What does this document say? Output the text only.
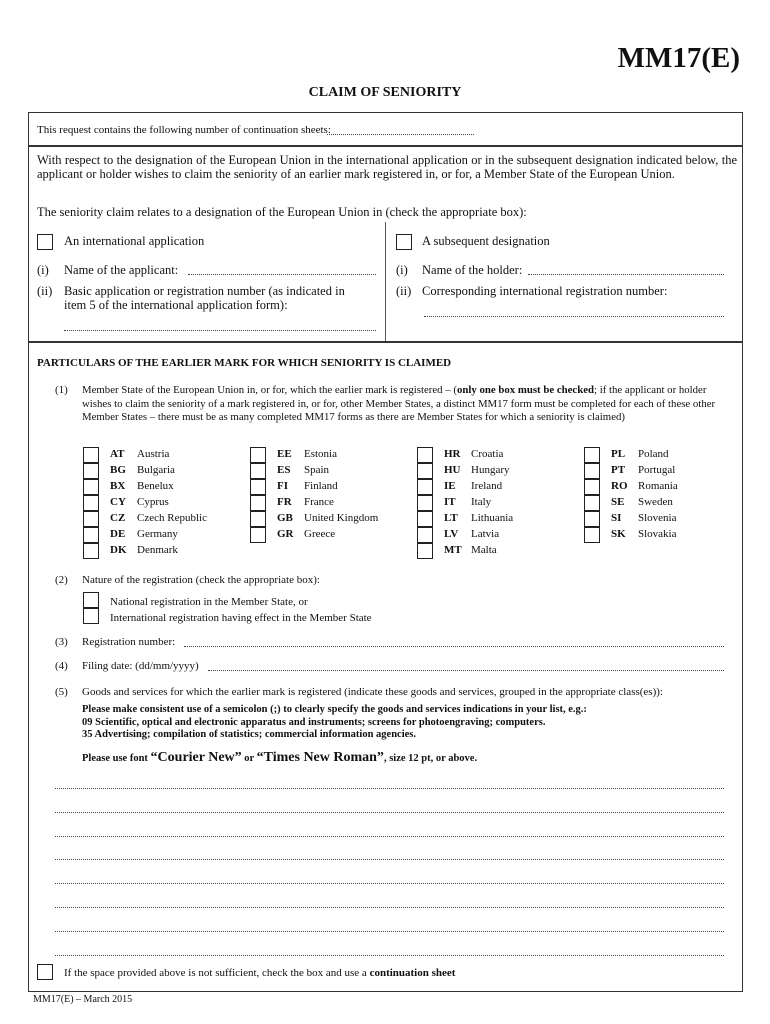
MM17(E)
CLAIM OF SENIORITY
This request contains the following number of continuation sheets:
With respect to the designation of the European Union in the international application or in the subsequent designation indicated below, the applicant or holder wishes to claim the seniority of an earlier mark registered in, or for, a Member State of the European Union.
The seniority claim relates to a designation of the European Union in (check the appropriate box):
An international application
(i) Name of the applicant:
(ii) Basic application or registration number (as indicated in item 5 of the international application form):
A subsequent designation
(i) Name of the holder:
(ii) Corresponding international registration number:
PARTICULARS OF THE EARLIER MARK FOR WHICH SENIORITY IS CLAIMED
(1) Member State of the European Union in, or for, which the earlier mark is registered – (only one box must be checked; if the applicant or holder wishes to claim the seniority of a mark registered in, or for, other Member States, a distinct MM17 form must be completed for each of these other Member States – there must be as many completed MM17 forms as there are Member States for which a seniority is claimed)
AT Austria
BG Bulgaria
BX Benelux
CY Cyprus
CZ Czech Republic
DE Germany
DK Denmark
EE Estonia
ES Spain
FI Finland
FR France
GB United Kingdom
GR Greece
HR Croatia
HU Hungary
IE Ireland
IT Italy
LT Lithuania
LV Latvia
MT Malta
PL Poland
PT Portugal
RO Romania
SE Sweden
SI Slovenia
SK Slovakia
(2) Nature of the registration (check the appropriate box):
National registration in the Member State, or
International registration having effect in the Member State
(3) Registration number:
(4) Filing date: (dd/mm/yyyy)
(5) Goods and services for which the earlier mark is registered (indicate these goods and services, grouped in the appropriate class(es)):
Please make consistent use of a semicolon (;) to clearly specify the goods and services indications in your list, e.g.:
09 Scientific, optical and electronic apparatus and instruments; screens for photoengraving; computers.
35 Advertising; compilation of statistics; commercial information agencies.
Please use font “Courier New” or “Times New Roman”, size 12 pt, or above.
If the space provided above is not sufficient, check the box and use a continuation sheet
MM17(E) – March 2015
